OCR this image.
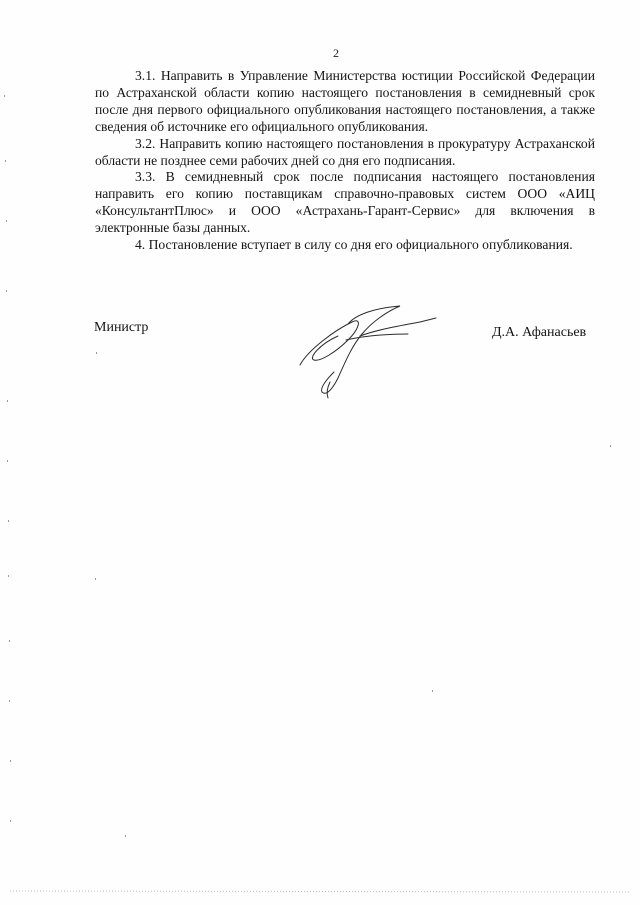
2

3.1. Направить в Управление Министерства юстиции Российской Федерации по Астраханской области копию настоящего постановления в семидневный срок после дня первого официального опубликования настоящего постановления, а также сведения об источнике его официального опубликования.

3.2. Направить копию настоящего постановления в прокуратуру Астраханской области не позднее семи рабочих дней со дня его подписания.

3.3. В семидневный срок после подписания настоящего постановления направить его копию поставщикам справочно-правовых систем ООО «АИЦ «КонсультантПлюс» и ООО «Астрахань-Гарант-Сервис» для включения в электронные базы данных.

4. Постановление вступает в силу со дня его официального опубликования.

Министр	Д.А. Афанасьев
